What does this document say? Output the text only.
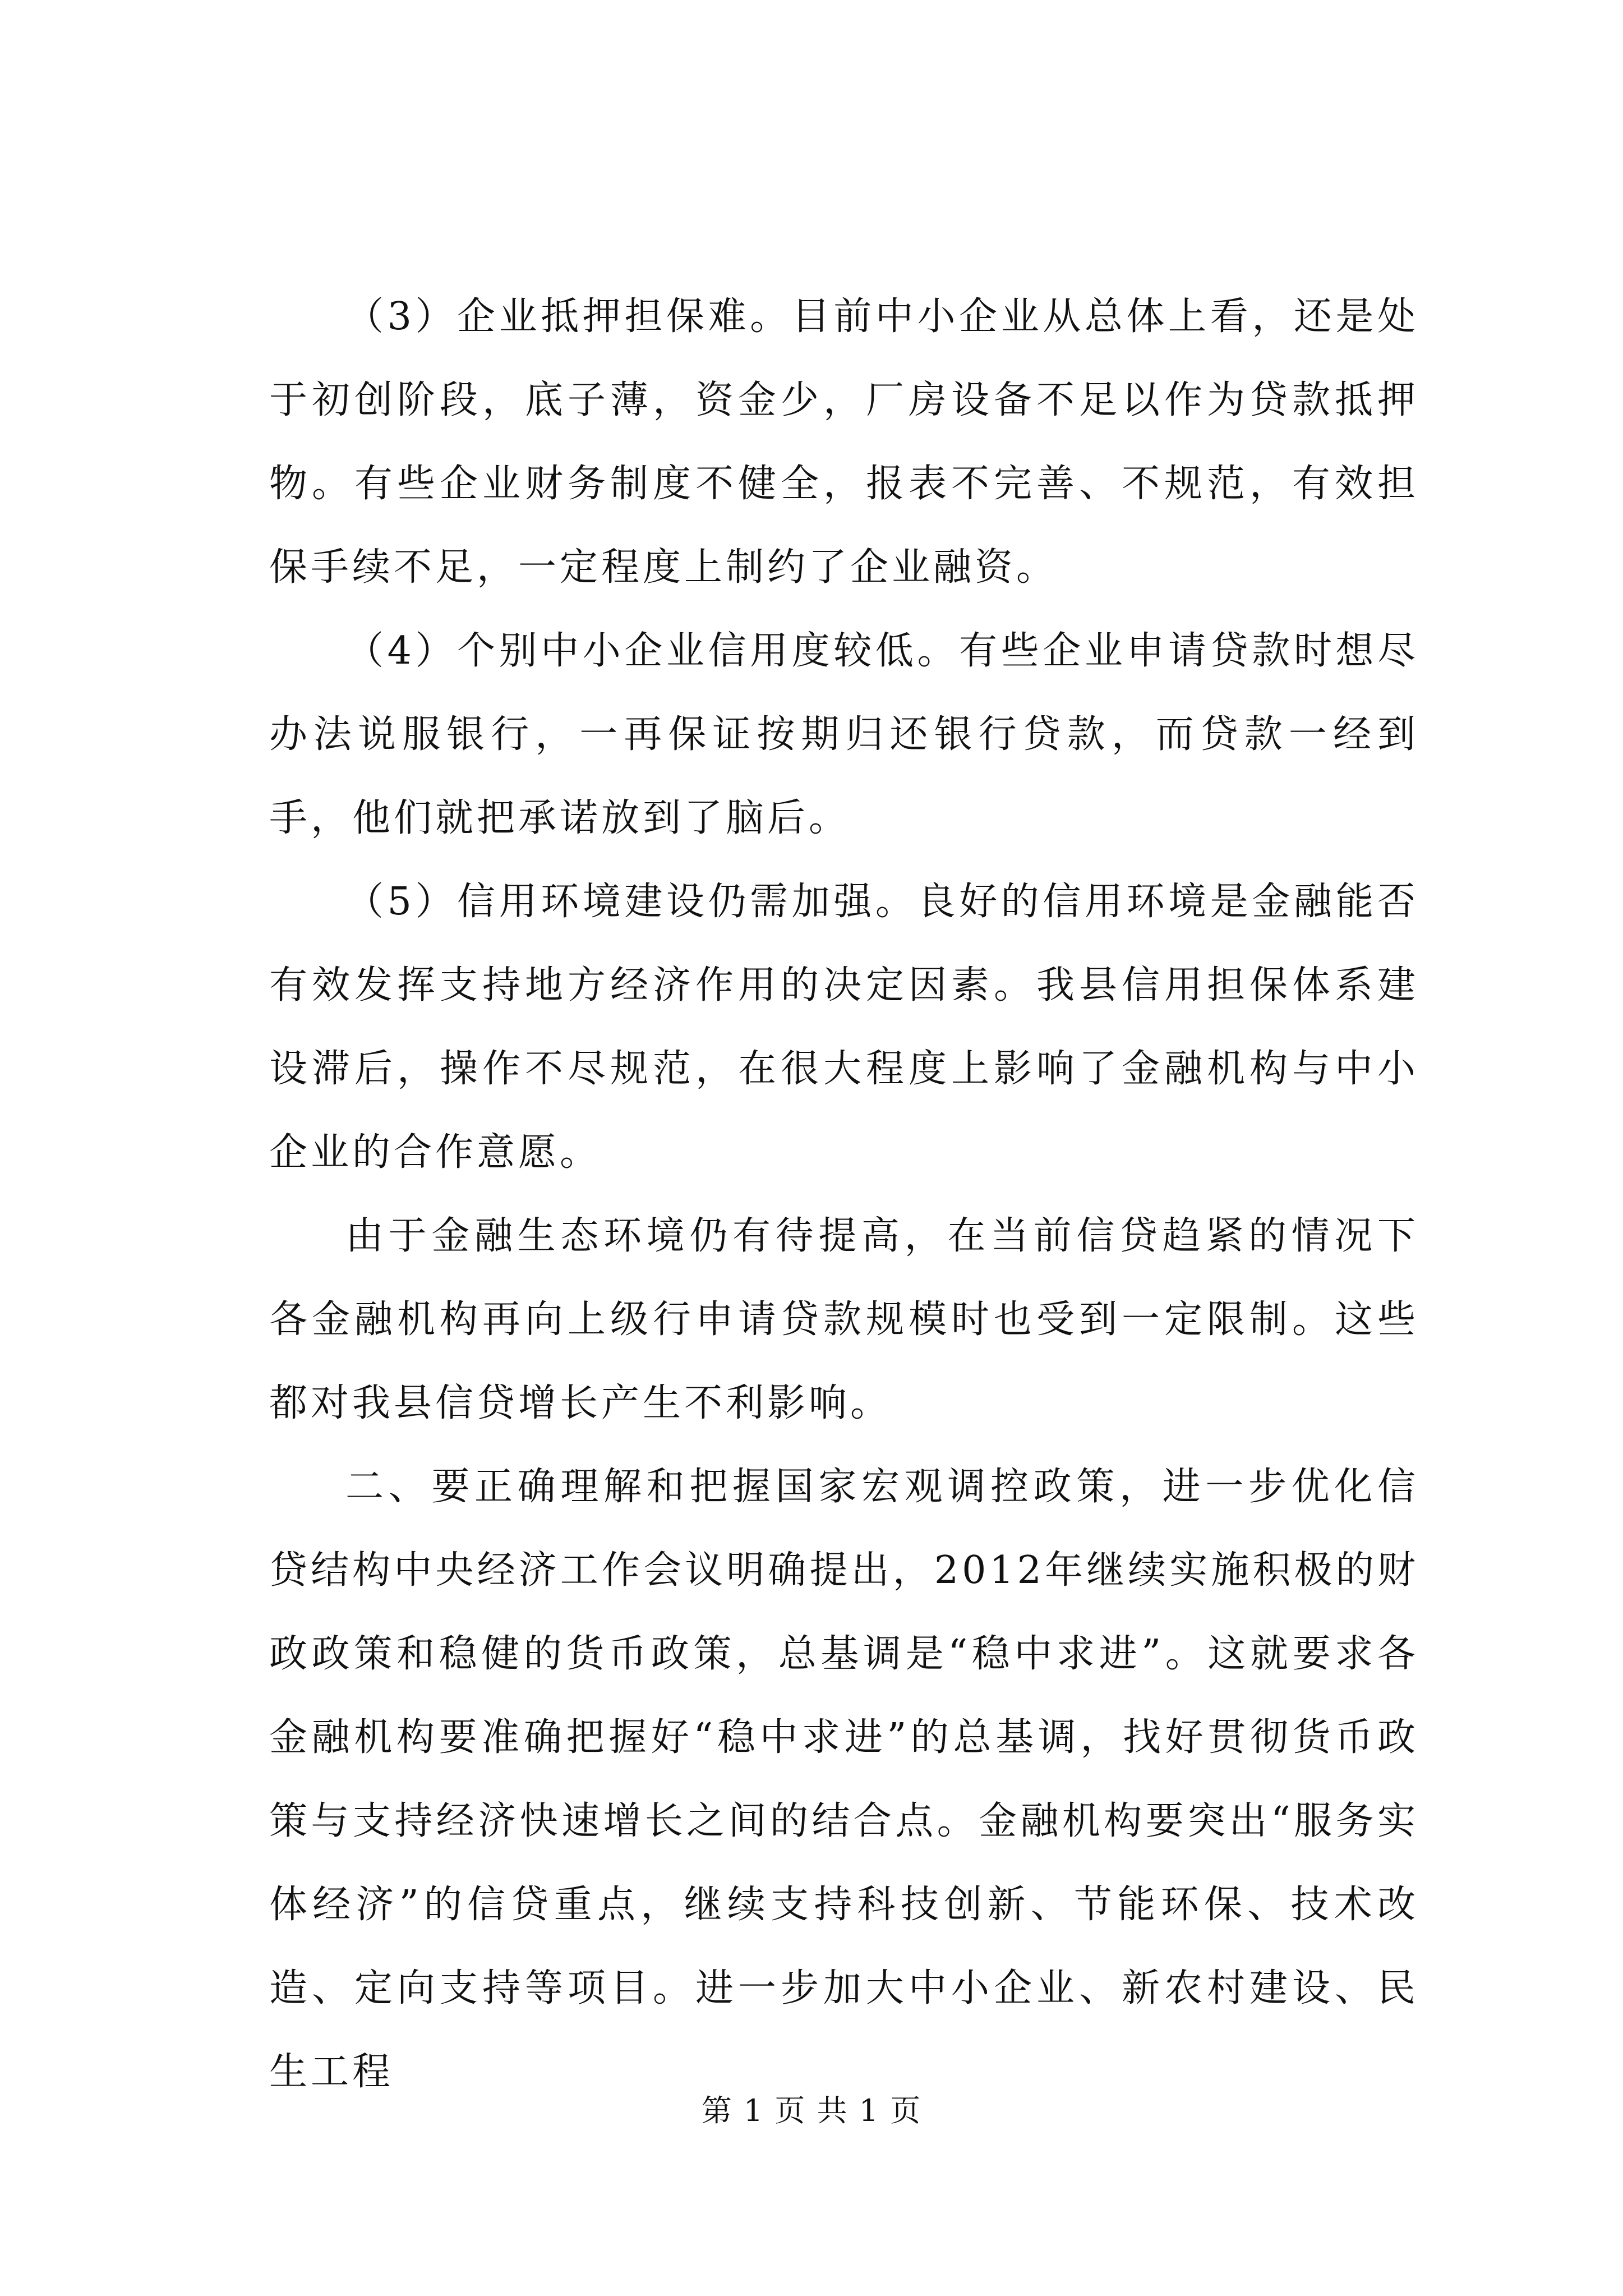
（3）企业抵押担保难。目前中小企业从总体上看，还是处于初创阶段，底子薄，资金少，厂房设备不足以作为贷款抵押物。有些企业财务制度不健全，报表不完善、不规范，有效担保手续不足，一定程度上制约了企业融资。

（4）个别中小企业信用度较低。有些企业申请贷款时想尽办法说服银行，一再保证按期归还银行贷款，而贷款一经到手，他们就把承诺放到了脑后。

（5）信用环境建设仍需加强。良好的信用环境是金融能否有效发挥支持地方经济作用的决定因素。我县信用担保体系建设滞后，操作不尽规范，在很大程度上影响了金融机构与中小企业的合作意愿。

由于金融生态环境仍有待提高，在当前信贷趋紧的情况下各金融机构再向上级行申请贷款规模时也受到一定限制。这些都对我县信贷增长产生不利影响。

二、要正确理解和把握国家宏观调控政策，进一步优化信贷结构中央经济工作会议明确提出，2012年继续实施积极的财政政策和稳健的货币政策，总基调是“稳中求进”。这就要求各金融机构要准确把握好“稳中求进”的总基调，找好贯彻货币政策与支持经济快速增长之间的结合点。金融机构要突出“服务实体经济”的信贷重点，继续支持科技创新、节能环保、技术改造、定向支持等项目。进一步加大中小企业、新农村建设、民生工程

第 1 页 共 1 页
